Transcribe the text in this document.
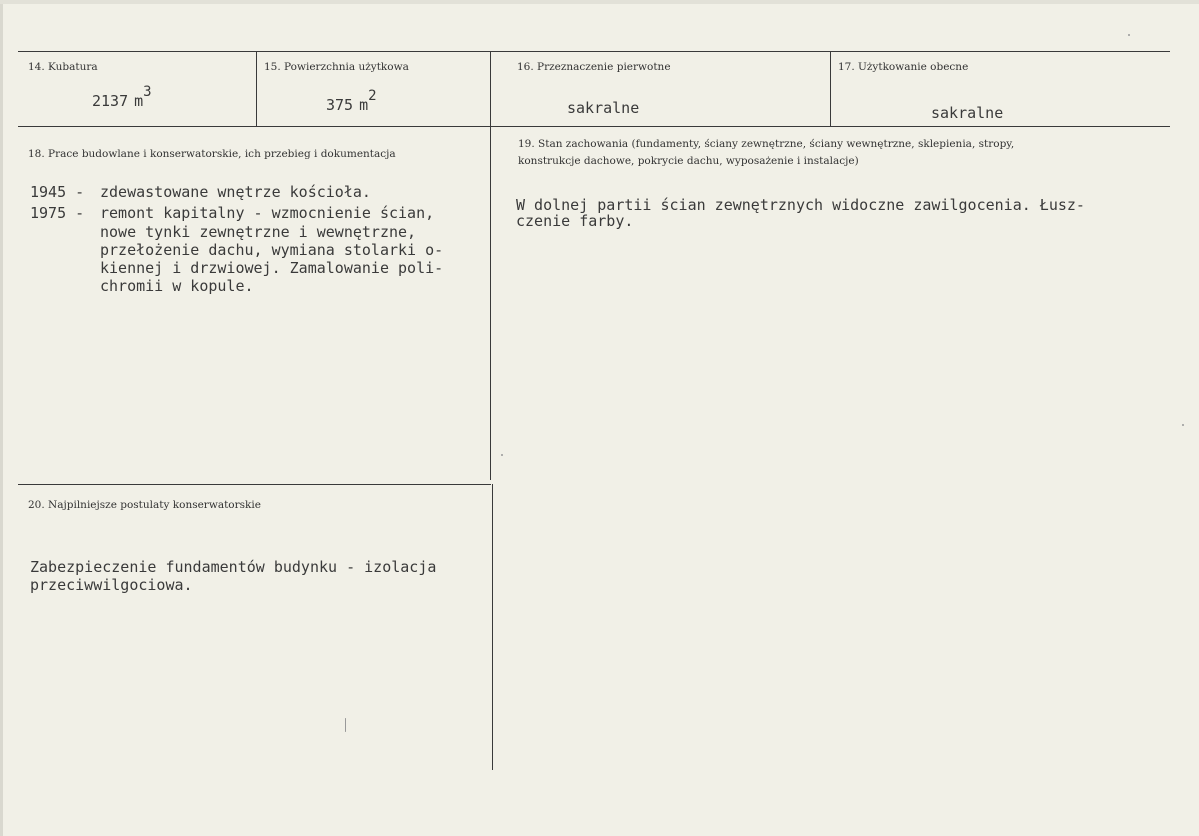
14. Kubatura
2137 m3
15. Powierzchnia użytkowa
375 m2
16. Przeznaczenie pierwotne
sakralne
17. Użytkowanie obecne
sakralne
18. Prace budowlane i konserwatorskie, ich przebieg i dokumentacja
1945 - zdewastowane wnętrze kościoła.
1975 - remont kapitalny - wzmocnienie ścian,
nowe tynki zewnętrzne i wewnętrzne,
przełożenie dachu, wymiana stolarki o-
kiennej i drzwiowej. Zamalowanie poli-
chromii w kopule.
19. Stan zachowania (fundamenty, ściany zewnętrzne, ściany wewnętrzne, sklepienia, stropy,
konstrukcje dachowe, pokrycie dachu, wyposażenie i instalacje)
W dolnej partii ścian zewnętrznych widoczne zawilgocenia. Łusz-
czenie farby.
20. Najpilniejsze postulaty konserwatorskie
Zabezpieczenie fundamentów budynku - izolacja
przeciwwilgociowa.
